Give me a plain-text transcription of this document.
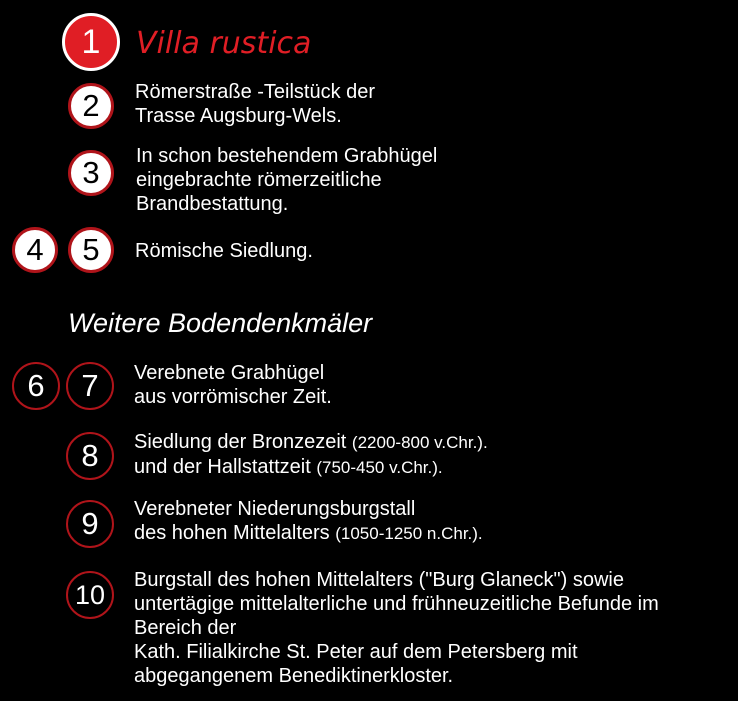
1	Villa rustica
2	Römerstraße -Teilstück der
Trasse Augsburg-Wels.
3	In schon bestehendem Grabhügel
eingebrachte römerzeitliche
Brandbestattung.
4	5	Römische Siedlung.
Weitere Bodendenkmäler
6	7	Verebnete Grabhügel
aus vorrömischer Zeit.
8	Siedlung der Bronzezeit (2200-800 v.Chr.).
und der Hallstattzeit (750-450 v.Chr.).
9	Verebneter Niederungsburgstall
des hohen Mittelalters (1050-1250 n.Chr.).
10	Burgstall des hohen Mittelalters ("Burg Glaneck") sowie
untertägige mittelalterliche und frühneuzeitliche Befunde im
Bereich der
Kath. Filialkirche St. Peter auf dem Petersberg mit
abgegangenem Benediktinerkloster.
